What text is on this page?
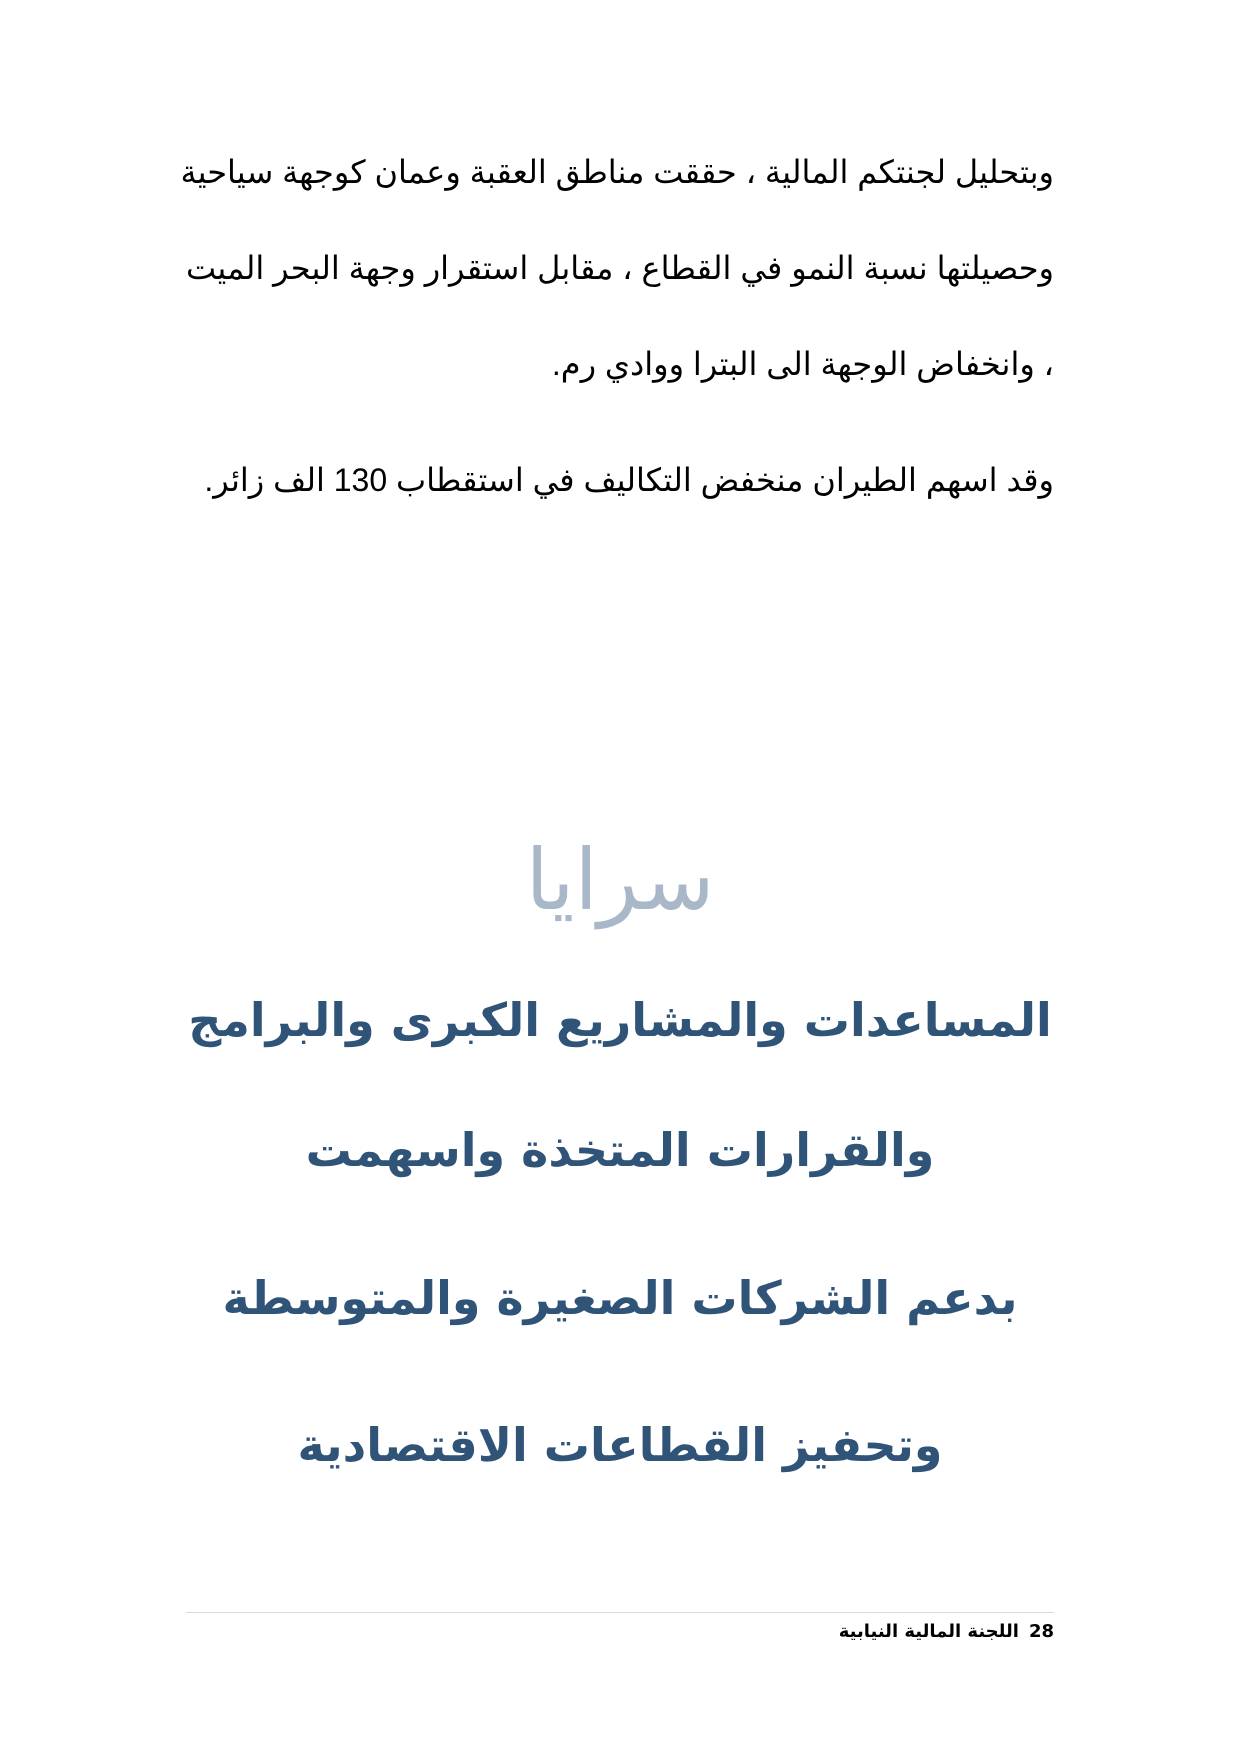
وبتحليل لجنتكم المالية ، حققت مناطق العقبة وعمان كوجهة سياحية

وحصيلتها نسبة النمو في القطاع ، مقابل استقرار وجهة البحر الميت

، وانخفاض الوجهة الى البترا ووادي رم.

وقد اسهم الطيران منخفض التكاليف في استقطاب 130 الف زائر.

سرايا
المساعدات والمشاريع الكبرى والبرامج
والقرارات المتخذة واسهمت
بدعم الشركات الصغيرة والمتوسطة
وتحفيز القطاعات الاقتصادية
28اللجنة المالية النيابية
